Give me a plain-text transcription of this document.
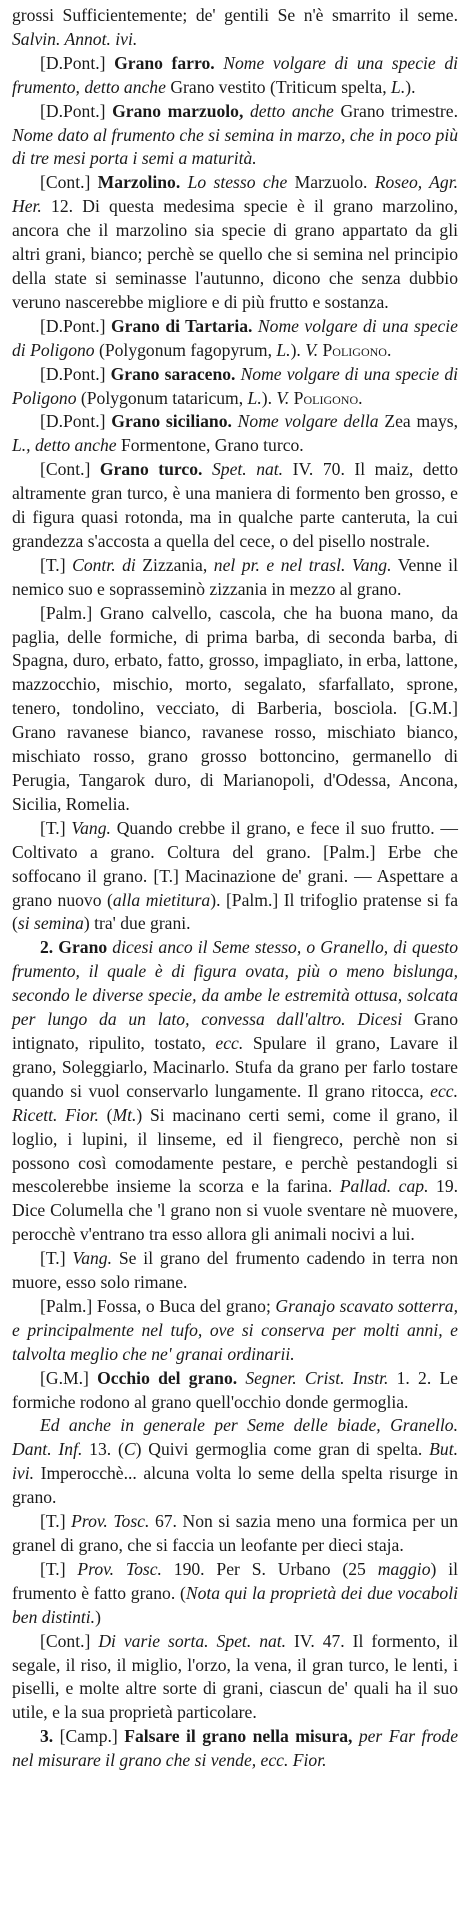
grossi Sufficientemente; de' gentili Se n'è smarrito il seme. Salvin. Annot. ivi.

[D.Pont.] Grano farro. Nome volgare di una specie di frumento, detto anche Grano vestito (Triticum spelta, L.).

[D.Pont.] Grano marzuolo, detto anche Grano trimestre. Nome dato al frumento che si semina in marzo, che in poco più di tre mesi porta i semi a maturità.

[Cont.] Marzolino. Lo stesso che Marzuolo. Roseo, Agr. Her. 12. Di questa medesima specie è il grano marzolino, ancora che il marzolino sia specie di grano appartato da gli altri grani, bianco; perchè se quello che si semina nel principio della state si seminasse l'autunno, dicono che senza dubbio veruno nascerebbe migliore e di più frutto e sostanza.

[D.Pont.] Grano di Tartaria. Nome volgare di una specie di Poligono (Polygonum fagopyrum, L.). V. Poligono.

[D.Pont.] Grano saraceno. Nome volgare di una specie di Poligono (Polygonum tataricum, L.). V. Poligono.

[D.Pont.] Grano siciliano. Nome volgare della Zea mays, L., detto anche Formentone, Grano turco.

[Cont.] Grano turco. Spet. nat. IV. 70. Il maiz, detto altramente gran turco, è una maniera di formento ben grosso, e di figura quasi rotonda, ma in qualche parte canteruta, la cui grandezza s'accosta a quella del cece, o del pisello nostrale.

[T.] Contr. di Zizzania, nel pr. e nel trasl. Vang. Venne il nemico suo e soprasseminò zizzania in mezzo al grano.

[Palm.] Grano calvello, cascola, che ha buona mano, da paglia, delle formiche, di prima barba, di seconda barba, di Spagna, duro, erbato, fatto, grosso, impagliato, in erba, lattone, mazzocchio, mischio, morto, segalato, sfarfallato, sprone, tenero, tondolino, vecciato, di Barberia, bosciola. [G.M.] Grano ravanese bianco, ravanese rosso, mischiato bianco, mischiato rosso, grano grosso bottoncino, germanello di Perugia, Tangarok duro, di Marianopoli, d'Odessa, Ancona, Sicilia, Romelia.

[T.] Vang. Quando crebbe il grano, e fece il suo frutto. — Coltivato a grano. Coltura del grano. [Palm.] Erbe che soffocano il grano. [T.] Macinazione de' grani. — Aspettare a grano nuovo (alla mietitura). [Palm.] Il trifoglio pratense si fa (si semina) tra' due grani.

2. Grano dicesi anco il Seme stesso, o Granello, di questo frumento, il quale è di figura ovata, più o meno bislunga, secondo le diverse specie, da ambe le estremità ottusa, solcata per lungo da un lato, convessa dall'altro. Dicesi Grano intignato, ripulito, tostato, ecc. Spulare il grano, Lavare il grano, Soleggiarlo, Macinarlo. Stufa da grano per farlo tostare quando si vuol conservarlo lungamente. Il grano ritocca, ecc. Ricett. Fior. (Mt.) Si macinano certi semi, come il grano, il loglio, i lupini, il linseme, ed il fiengreco, perchè non si possono così comodamente pestare, e perchè pestandogli si mescolerebbe insieme la scorza e la farina. Pallad. cap. 19. Dice Columella che 'l grano non si vuole sventare nè muovere, perocchè v'entrano tra esso allora gli animali nocivi a lui.

[T.] Vang. Se il grano del frumento cadendo in terra non muore, esso solo rimane.

[Palm.] Fossa, o Buca del grano; Granajo scavato sotterra, e principalmente nel tufo, ove si conserva per molti anni, e talvolta meglio che ne' granai ordinarii.

[G.M.] Occhio del grano. Segner. Crist. Instr. 1. 2. Le formiche rodono al grano quell'occhio donde germoglia.

Ed anche in generale per Seme delle biade, Granello. Dant. Inf. 13. (C) Quivi germoglia come gran di spelta. But. ivi. Imperocchè... alcuna volta lo seme della spelta risurge in grano.

[T.] Prov. Tosc. 67. Non si sazia meno una formica per un granel di grano, che si faccia un leofante per dieci staja.

[T.] Prov. Tosc. 190. Per S. Urbano (25 maggio) il frumento è fatto grano. (Nota qui la proprietà dei due vocaboli ben distinti.)

[Cont.] Di varie sorta. Spet. nat. IV. 47. Il formento, il segale, il riso, il miglio, l'orzo, la vena, il gran turco, le lenti, i piselli, e molte altre sorte di grani, ciascun de' quali ha il suo utile, e la sua proprietà particolare.

3. [Camp.] Falsare il grano nella misura, per Far frode nel misurare il grano che si vende, ecc. Fior.
